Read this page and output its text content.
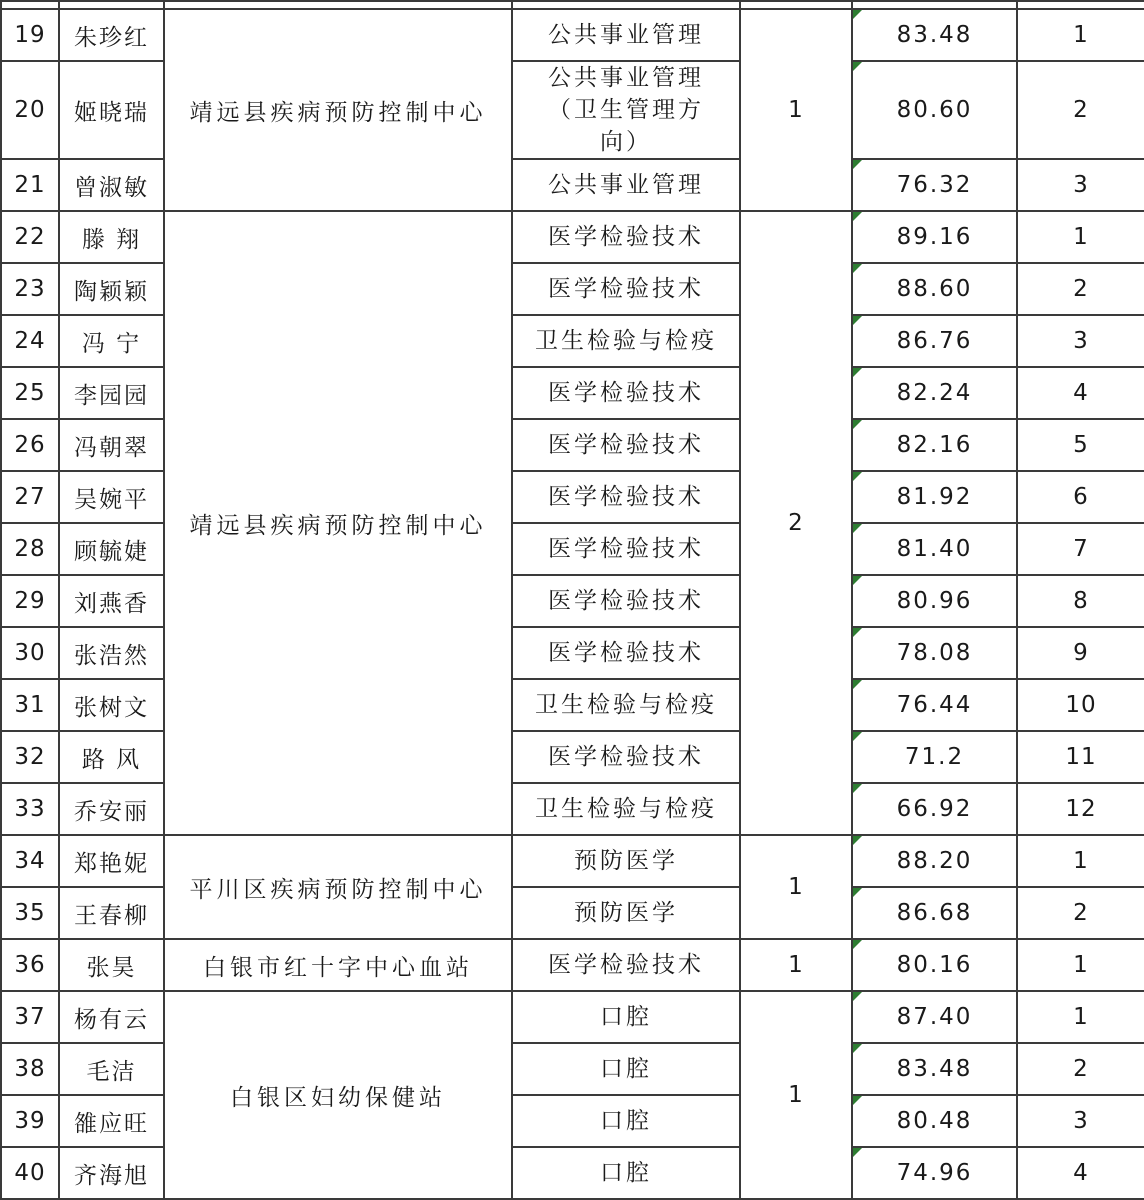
19	朱珍红	靖远县疾病预防控制中心	公共事业管理	1	83.48	1
20	姬晓瑞		公共事业管理（卫生管理方向）		80.60	2
21	曾淑敏		公共事业管理		76.32	3
22	滕 翔	靖远县疾病预防控制中心	医学检验技术	2	89.16	1
23	陶颖颖		医学检验技术		88.60	2
24	冯 宁		卫生检验与检疫		86.76	3
25	李园园		医学检验技术		82.24	4
26	冯朝翠		医学检验技术		82.16	5
27	吴婉平		医学检验技术		81.92	6
28	顾毓婕		医学检验技术		81.40	7
29	刘燕香		医学检验技术		80.96	8
30	张浩然		医学检验技术		78.08	9
31	张树文		卫生检验与检疫		76.44	10
32	路 风		医学检验技术		71.2	11
33	乔安丽		卫生检验与检疫		66.92	12
34	郑艳妮	平川区疾病预防控制中心	预防医学	1	88.20	1
35	王春柳		预防医学		86.68	2
36	张昊	白银市红十字中心血站	医学检验技术	1	80.16	1
37	杨有云	白银区妇幼保健站	口腔	1	87.40	1
38	毛洁		口腔		83.48	2
39	雒应旺		口腔		80.48	3
40	齐海旭		口腔		74.96	4
